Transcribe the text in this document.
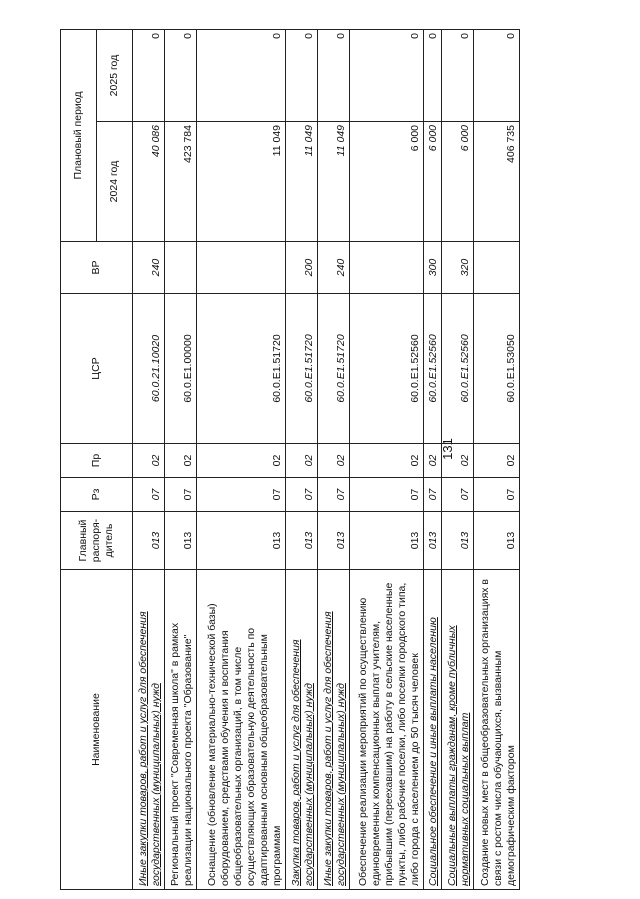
131
Наименование	Главный распоря-дитель	Рз	Пр	ЦСР	ВР	Плановый период	
						2024 год	2025 год
Иные закупки товаров, работ и услуг для обеспечения государственных (муниципальных) нужд	013	07	02	60.0.21.10020	240	40 086	0
Региональный проект "Современная школа" в рамках реализации национального проекта "Образование"	013	07	02	60.0.E1.00000		423 784	0
Оснащение (обновление материально-технической базы) оборудованием, средствами обучения и воспитания общеобразовательных организаций, в том числе осуществляющих образовательную деятельность по адаптированным основным общеобразовательным программам	013	07	02	60.0.E1.51720		11 049	0
Закупка товаров, работ и услуг для обеспечения государственных (муниципальных) нужд	013	07	02	60.0.E1.51720	200	11 049	0
Иные закупки товаров, работ и услуг для обеспечения государственных (муниципальных) нужд	013	07	02	60.0.E1.51720	240	11 049	0
Обеспечение реализации мероприятий по осуществлению единовременных компенсационных выплат учителям, прибывшим (переехавшим) на работу в сельские населенные пункты, либо рабочие поселки, либо поселки городского типа, либо города с населением до 50 тысяч человек	013	07	02	60.0.E1.52560		6 000	0
Социальное обеспечение и иные выплаты населению	013	07	02	60.0.E1.52560	300	6 000	0
Социальные выплаты гражданам, кроме публичных нормативных социальных выплат	013	07	02	60.0.E1.52560	320	6 000	0
Создание новых мест в общеобразовательных организациях в связи с ростом числа обучающихся, вызванным демографическим фактором	013	07	02	60.0.E1.53050		406 735	0
